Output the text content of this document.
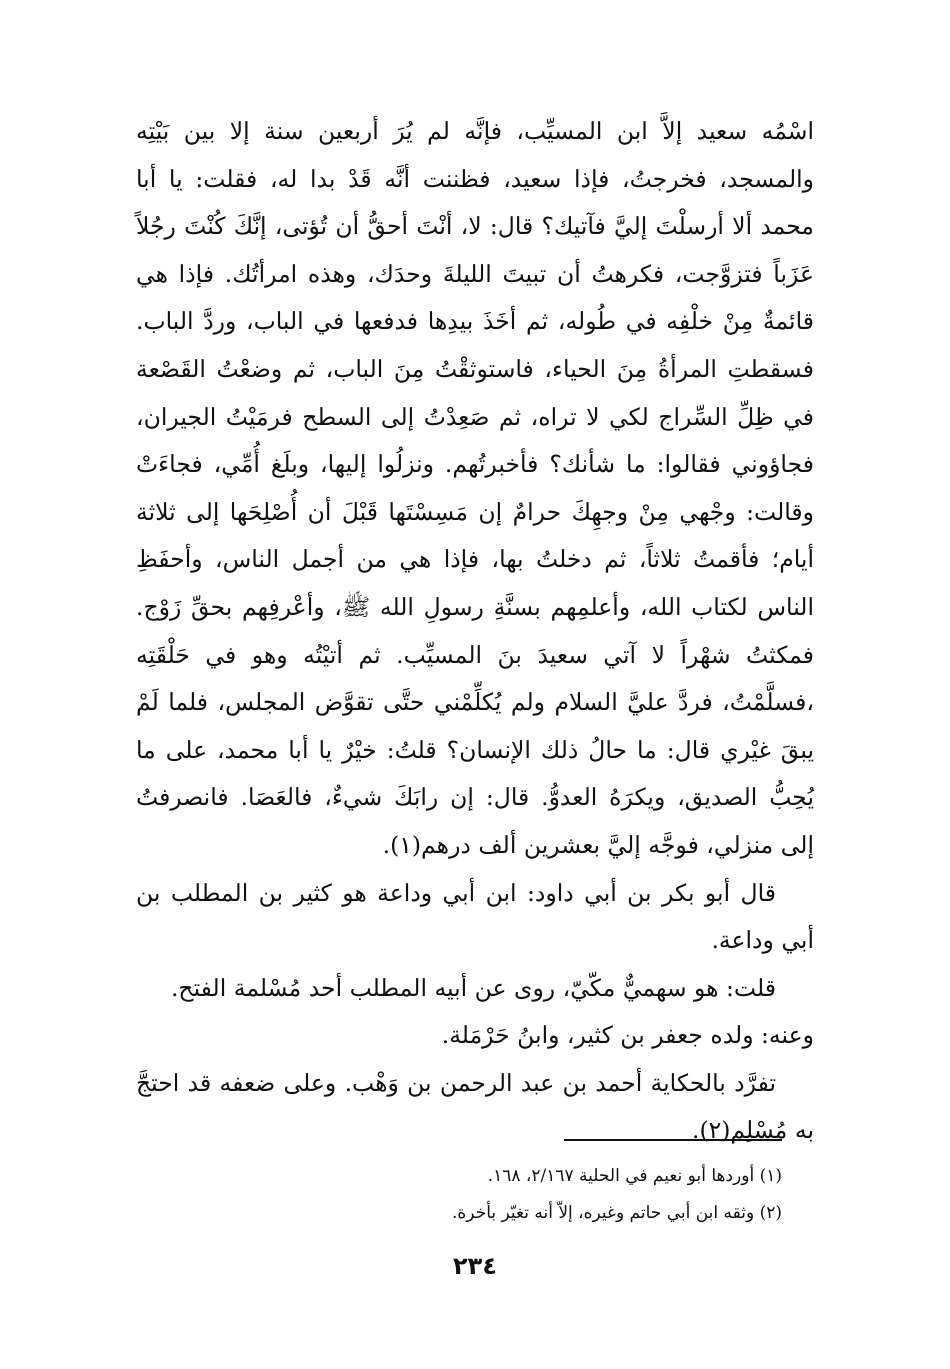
اسْمُه سعيد إلاَّ ابن المسيِّب، فإنَّه لم يُرَ أربعين سنة إلا بين بَيْتِه والمسجد، فخرجتُ، فإذا سعيد، فظننت أنَّه قَدْ بدا له، فقلت: يا أبا محمد ألا أرسلْتَ إليَّ فآتيك؟ قال: لا، أنْتَ أحقُّ أن تُؤتى، إنَّكَ كُنْتَ رجُلاً عَزَباً فتزوَّجت، فكرهتُ أن تبيتَ الليلةَ وحدَك، وهذه امرأتُك. فإذا هي قائمةٌ مِنْ خلْفِه في طُوله، ثم أخَذَ بيدِها فدفعها في الباب، وردَّ الباب. فسقطتِ المرأةُ مِنَ الحياء، فاستوثقْتُ مِنَ الباب، ثم وضعْتُ القَصْعة في ظِلِّ السِّراج لكي لا تراه، ثم صَعِدْتُ إلى السطح فرمَيْتُ الجيران، فجاؤوني فقالوا: ما شأنك؟ فأخبرتُهم. ونزلُوا إليها، وبلَغ أُمِّي، فجاءَتْ وقالت: وجْهي مِنْ وجهِكَ حرامٌ إن مَسِسْتَها قَبْلَ أن أُصْلِحَها إلى ثلاثة أيام؛ فأقمتُ ثلاثاً، ثم دخلتُ بها، فإذا هي من أجمل الناس، وأحفَظِ الناس لكتاب الله، وأعلمِهم بسنَّةِ رسولِ الله ﷺ، وأعْرفِهم بحقِّ زَوْج. فمكثتُ شهْراً لا آتي سعيدَ بنَ المسيِّب. ثم أتيْتُه وهو في حَلْقَتِه ،فسلَّمْتُ، فردَّ عليَّ السلام ولم يُكلِّمْني حتَّى تقوَّض المجلس، فلما لَمْ يبقَ غيْري قال: ما حالُ ذلك الإنسان؟ قلتُ: خيْرٌ يا أبا محمد، على ما يُحِبُّ الصديق، ويكرَهُ العدوُّ. قال: إن رابَكَ شيءٌ، فالعَصَا. فانصرفتُ إلى منزلي، فوجَّه إليَّ بعشرين ألف درهم(١).

قال أبو بكر بن أبي داود: ابن أبي وداعة هو كثير بن المطلب بن أبي وداعة.

قلت: هو سهميٌّ مكّيّ، روى عن أبيه المطلب أحد مُسْلمة الفتح.

وعنه: ولده جعفر بن كثير، وابنُ حَرْمَلة.

تفرَّد بالحكاية أحمد بن عبد الرحمن بن وَهْب. وعلى ضعفه قد احتجَّ به مُسْلِم(٢).

(١) أوردها أبو نعيم في الحلية ٢/١٦٧، ١٦٨.

(٢) وثقه ابن أبي حاتم وغيره، إلاّ أنه تغيّر بأخرة.

٢٣٤
